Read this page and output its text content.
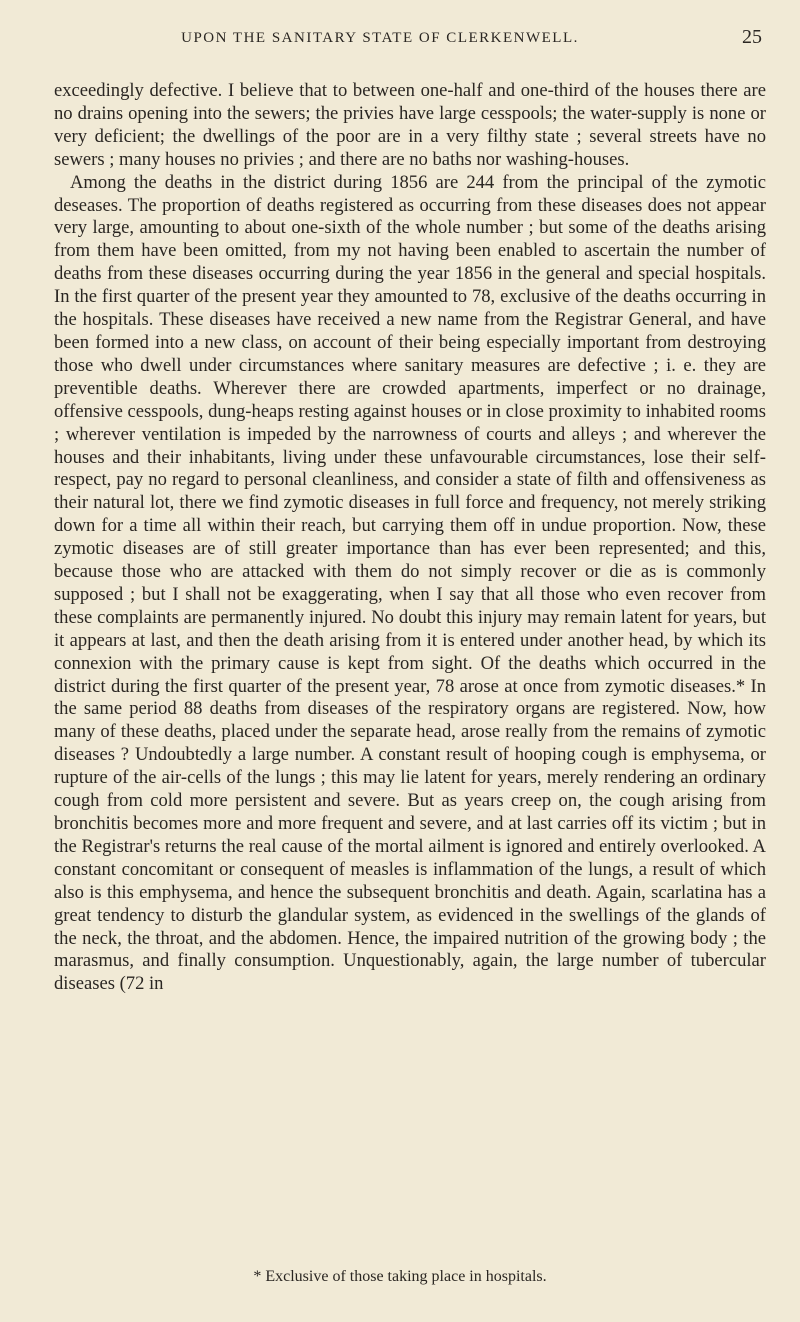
UPON THE SANITARY STATE OF CLERKENWELL.	25

exceedingly defective. I believe that to between one-half and one-third of the houses there are no drains opening into the sewers; the privies have large cesspools; the water-supply is none or very deficient; the dwellings of the poor are in a very filthy state ; several streets have no sewers ; many houses no privies ; and there are no baths nor washing-houses.

Among the deaths in the district during 1856 are 244 from the principal of the zymotic deseases. The proportion of deaths registered as occurring from these diseases does not appear very large, amounting to about one-sixth of the whole number ; but some of the deaths arising from them have been omitted, from my not having been enabled to ascertain the number of deaths from these diseases occurring during the year 1856 in the general and special hospitals. In the first quarter of the present year they amounted to 78, exclusive of the deaths occurring in the hospitals. These diseases have received a new name from the Registrar General, and have been formed into a new class, on account of their being especially important from destroying those who dwell under circumstances where sanitary measures are defective ; i. e. they are preventible deaths. Wherever there are crowded apartments, imperfect or no drainage, offensive cesspools, dung-heaps resting against houses or in close proximity to inhabited rooms ; wherever ventilation is impeded by the narrowness of courts and alleys ; and wherever the houses and their inhabitants, living under these unfavourable circumstances, lose their self-respect, pay no regard to personal cleanliness, and consider a state of filth and offensiveness as their natural lot, there we find zymotic diseases in full force and frequency, not merely striking down for a time all within their reach, but carrying them off in undue proportion. Now, these zymotic diseases are of still greater importance than has ever been represented; and this, because those who are attacked with them do not simply recover or die as is commonly supposed ; but I shall not be exaggerating, when I say that all those who even recover from these complaints are permanently injured. No doubt this injury may remain latent for years, but it appears at last, and then the death arising from it is entered under another head, by which its connexion with the primary cause is kept from sight. Of the deaths which occurred in the district during the first quarter of the present year, 78 arose at once from zymotic diseases.* In the same period 88 deaths from diseases of the respiratory organs are registered. Now, how many of these deaths, placed under the separate head, arose really from the remains of zymotic diseases ? Undoubtedly a large number. A constant result of hooping cough is emphysema, or rupture of the air-cells of the lungs ; this may lie latent for years, merely rendering an ordinary cough from cold more persistent and severe. But as years creep on, the cough arising from bronchitis becomes more and more frequent and severe, and at last carries off its victim ; but in the Registrar's returns the real cause of the mortal ailment is ignored and entirely overlooked. A constant concomitant or consequent of measles is inflammation of the lungs, a result of which also is this emphysema, and hence the subsequent bronchitis and death. Again, scarlatina has a great tendency to disturb the glandular system, as evidenced in the swellings of the glands of the neck, the throat, and the abdomen. Hence, the impaired nutrition of the growing body ; the marasmus, and finally consumption. Unquestionably, again, the large number of tubercular diseases (72 in

* Exclusive of those taking place in hospitals.
